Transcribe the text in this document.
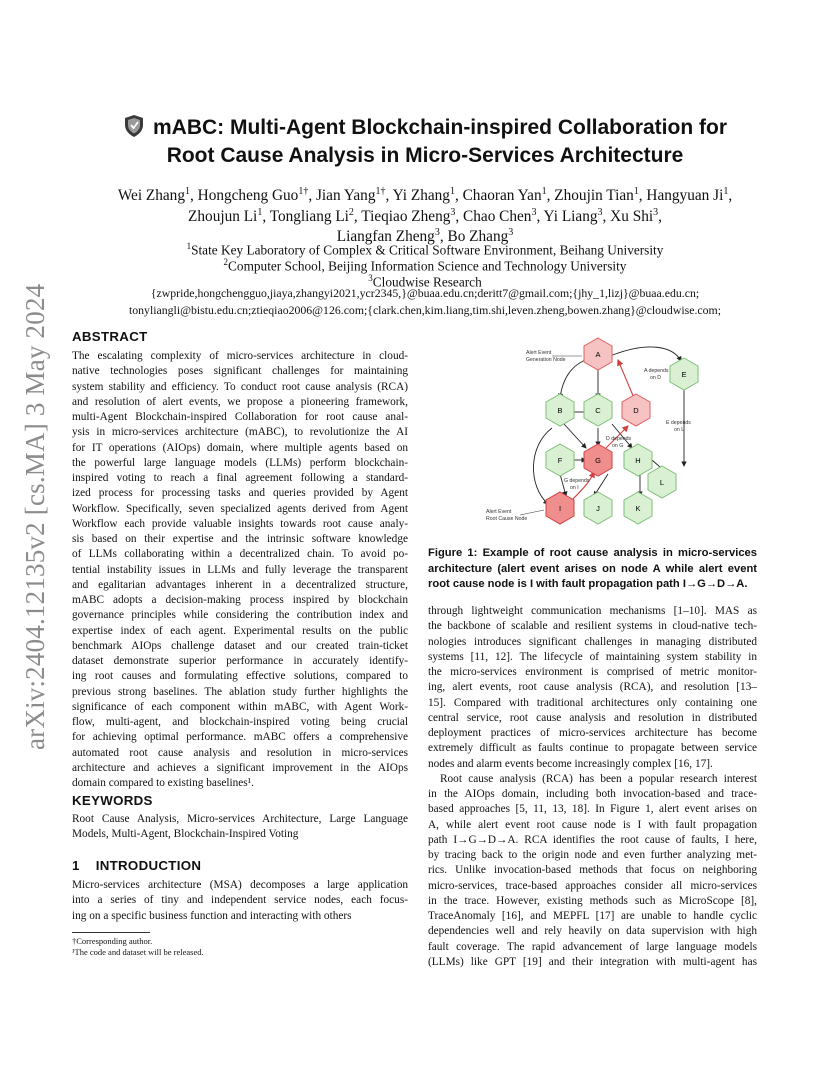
arXiv:2404.12135v2 [cs.MA] 3 May 2024
mABC: Multi-Agent Blockchain-inspired Collaboration for
Root Cause Analysis in Micro-Services Architecture
Wei Zhang$^1$, Hongcheng Guo$^{1\dagger}$, Jian Yang$^{1\dagger}$, Yi Zhang$^1$, Chaoran Yan$^1$, Zhoujin Tian$^1$, Hangyuan Ji$^1$,
Zhoujun Li$^1$, Tongliang Li$^2$, Tieqiao Zheng$^3$, Chao Chen$^3$, Yi Liang$^3$, Xu Shi$^3$,
Liangfan Zheng$^3$, Bo Zhang$^3$
$^1$State Key Laboratory of Complex & Critical Software Environment, Beihang University
$^2$Computer School, Beijing Information Science and Technology University
$^3$Cloudwise Research
{zwpride,hongchengguo,jiaya,zhangyi2021,ycr2345,}@buaa.edu.cn;deritt7@gmail.com;{jhy_1,lizj}@buaa.edu.cn;
tonyliangli@bistu.edu.cn;ztieqiao2006@126.com;{clark.chen,kim.liang,tim.shi,leven.zheng,bowen.zhang}@cloudwise.com;
ABSTRACT
The escalating complexity of micro-services architecture in cloud-
native technologies poses significant challenges for maintaining
system stability and efficiency. To conduct root cause analysis (RCA)
and resolution of alert events, we propose a pioneering framework,
multi-Agent Blockchain-inspired Collaboration for root cause anal-
ysis in micro-services architecture (mABC), to revolutionize the AI
for IT operations (AIOps) domain, where multiple agents based on
the powerful large language models (LLMs) perform blockchain-
inspired voting to reach a final agreement following a standard-
ized process for processing tasks and queries provided by Agent
Workflow. Specifically, seven specialized agents derived from Agent
Workflow each provide valuable insights towards root cause analy-
sis based on their expertise and the intrinsic software knowledge
of LLMs collaborating within a decentralized chain. To avoid po-
tential instability issues in LLMs and fully leverage the transparent
and egalitarian advantages inherent in a decentralized structure,
mABC adopts a decision-making process inspired by blockchain
governance principles while considering the contribution index and
expertise index of each agent. Experimental results on the public
benchmark AIOps challenge dataset and our created train-ticket
dataset demonstrate superior performance in accurately identify-
ing root causes and formulating effective solutions, compared to
previous strong baselines. The ablation study further highlights the
significance of each component within mABC, with Agent Work-
flow, multi-agent, and blockchain-inspired voting being crucial
for achieving optimal performance. mABC offers a comprehensive
automated root cause analysis and resolution in micro-services
architecture and achieves a significant improvement in the AIOps
domain compared to existing baselines¹.
KEYWORDS
Root Cause Analysis, Micro-services Architecture, Large Language
Models, Multi-Agent, Blockchain-Inspired Voting
1 INTRODUCTION
Micro-services architecture (MSA) decomposes a large application
into a series of tiny and independent service nodes, each focus-
ing on a specific business function and interacting with others
†Corresponding author.
¹The code and dataset will be released.
A
E
B	C	D
F	G	H
L
I	J	K
Alert Event
Generation Node
Alert Event
Root Cause Node
A depends
on D
E depends
on L
D depends
on G
G depends
on I
Figure 1: Example of root cause analysis in micro-services architecture (alert event arises on node A while alert event root cause node is I with fault propagation path I→G→D→A.
through lightweight communication mechanisms [1–10]. MAS as
the backbone of scalable and resilient systems in cloud-native tech-
nologies introduces significant challenges in managing distributed
systems [11, 12]. The lifecycle of maintaining system stability in
the micro-services environment is comprised of metric monitor-
ing, alert events, root cause analysis (RCA), and resolution [13–
15]. Compared with traditional architectures only containing one
central service, root cause analysis and resolution in distributed
deployment practices of micro-services architecture has become
extremely difficult as faults continue to propagate between service
nodes and alarm events become increasingly complex [16, 17].
Root cause analysis (RCA) has been a popular research interest
in the AIOps domain, including both invocation-based and trace-
based approaches [5, 11, 13, 18]. In Figure 1, alert event arises on
A, while alert event root cause node is I with fault propagation
path I→G→D→A. RCA identifies the root cause of faults, I here,
by tracing back to the origin node and even further analyzing met-
rics. Unlike invocation-based methods that focus on neighboring
micro-services, trace-based approaches consider all micro-services
in the trace. However, existing methods such as MicroScope [8],
TraceAnomaly [16], and MEPFL [17] are unable to handle cyclic
dependencies well and rely heavily on data supervision with high
fault coverage. The rapid advancement of large language models
(LLMs) like GPT [19] and their integration with multi-agent has
